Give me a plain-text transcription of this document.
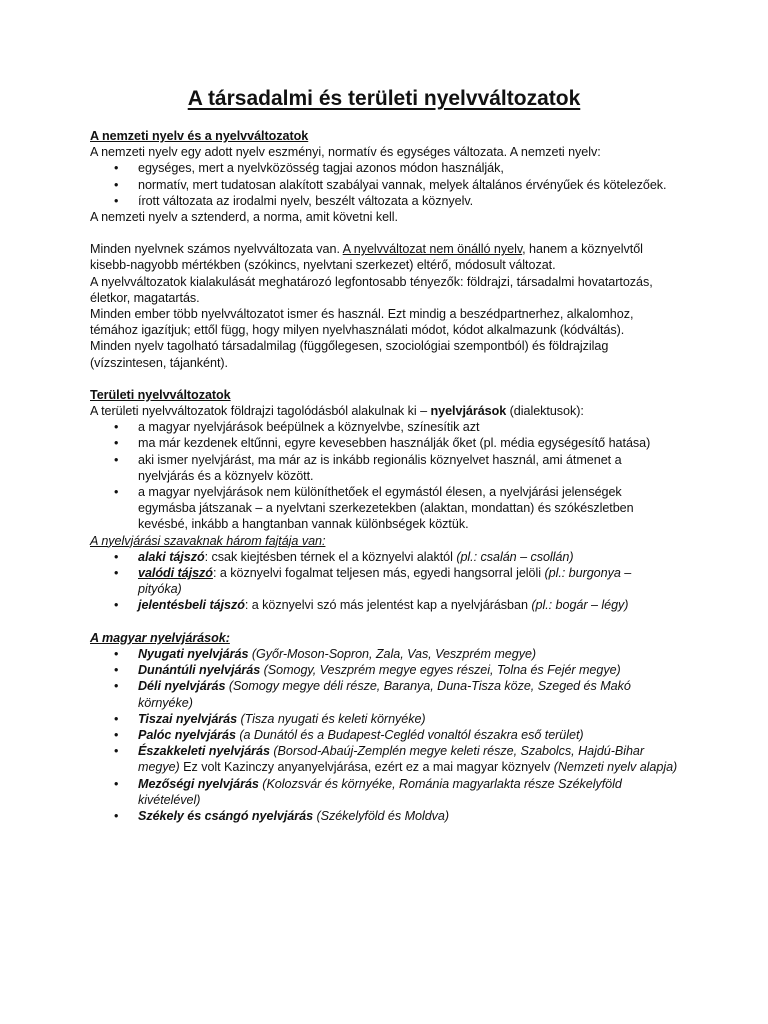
A társadalmi és területi nyelvváltozatok

A nemzeti nyelv és a nyelvváltozatok

A nemzeti nyelv egy adott nyelv eszményi, normatív és egységes változata. A nemzeti nyelv:

• egységes, mert a nyelvközösség tagjai azonos módon használják,
• normatív, mert tudatosan alakított szabályai vannak, melyek általános érvényűek és kötelezőek.
• írott változata az irodalmi nyelv, beszélt változata a köznyelv.

A nemzeti nyelv a sztenderd, a norma, amit követni kell.

Minden nyelvnek számos nyelvváltozata van. A nyelvváltozat nem önálló nyelv, hanem a köznyelvtől kisebb-nagyobb mértékben (szókincs, nyelvtani szerkezet) eltérő, módosult változat.

A nyelvváltozatok kialakulását meghatározó legfontosabb tényezők: földrajzi, társadalmi hovatartozás, életkor, magatartás.

Minden ember több nyelvváltozatot ismer és használ. Ezt mindig a beszédpartnerhez, alkalomhoz, témához igazítjuk; ettől függ, hogy milyen nyelvhasználati módot, kódot alkalmazunk (kódváltás).

Minden nyelv tagolható társadalmilag (függőlegesen, szociológiai szempontból) és földrajzilag (vízszintesen, tájanként).

Területi nyelvváltozatok

A területi nyelvváltozatok földrajzi tagolódásból alakulnak ki – nyelvjárások (dialektusok):

• a magyar nyelvjárások beépülnek a köznyelvbe, színesítik azt
• ma már kezdenek eltűnni, egyre kevesebben használják őket (pl. média egységesítő hatása)
• aki ismer nyelvjárást, ma már az is inkább regionális köznyelvet használ, ami átmenet a nyelvjárás és a köznyelv között.
• a magyar nyelvjárások nem különíthetőek el egymástól élesen, a nyelvjárási jelenségek egymásba játszanak – a nyelvtani szerkezetekben (alaktan, mondattan) és szókészletben kevésbé, inkább a hangtanban vannak különbségek köztük.

A nyelvjárási szavaknak három fajtája van:

• alaki tájszó: csak kiejtésben térnek el a köznyelvi alaktól (pl.: csalán – csollán)
• valódi tájszó: a köznyelvi fogalmat teljesen más, egyedi hangsorral jelöli (pl.: burgonya – pityóka)
• jelentésbeli tájszó: a köznyelvi szó más jelentést kap a nyelvjárásban (pl.: bogár – légy)

A magyar nyelvjárások:

• Nyugati nyelvjárás (Győr-Moson-Sopron, Zala, Vas, Veszprém megye)
• Dunántúli nyelvjárás (Somogy, Veszprém megye egyes részei, Tolna és Fejér megye)
• Déli nyelvjárás (Somogy megye déli része, Baranya, Duna-Tisza köze, Szeged és Makó környéke)
• Tiszai nyelvjárás (Tisza nyugati és keleti környéke)
• Palóc nyelvjárás (a Dunától és a Budapest-Cegléd vonaltól északra eső terület)
• Északkeleti nyelvjárás (Borsod-Abaúj-Zemplén megye keleti része, Szabolcs, Hajdú-Bihar megye) Ez volt Kazinczy anyanyelvjárása, ezért ez a mai magyar köznyelv (Nemzeti nyelv alapja)
• Mezőségi nyelvjárás (Kolozsvár és környéke, Románia magyarlakta része Székelyföld kivételével)
• Székely és csángó nyelvjárás (Székelyföld és Moldva)
